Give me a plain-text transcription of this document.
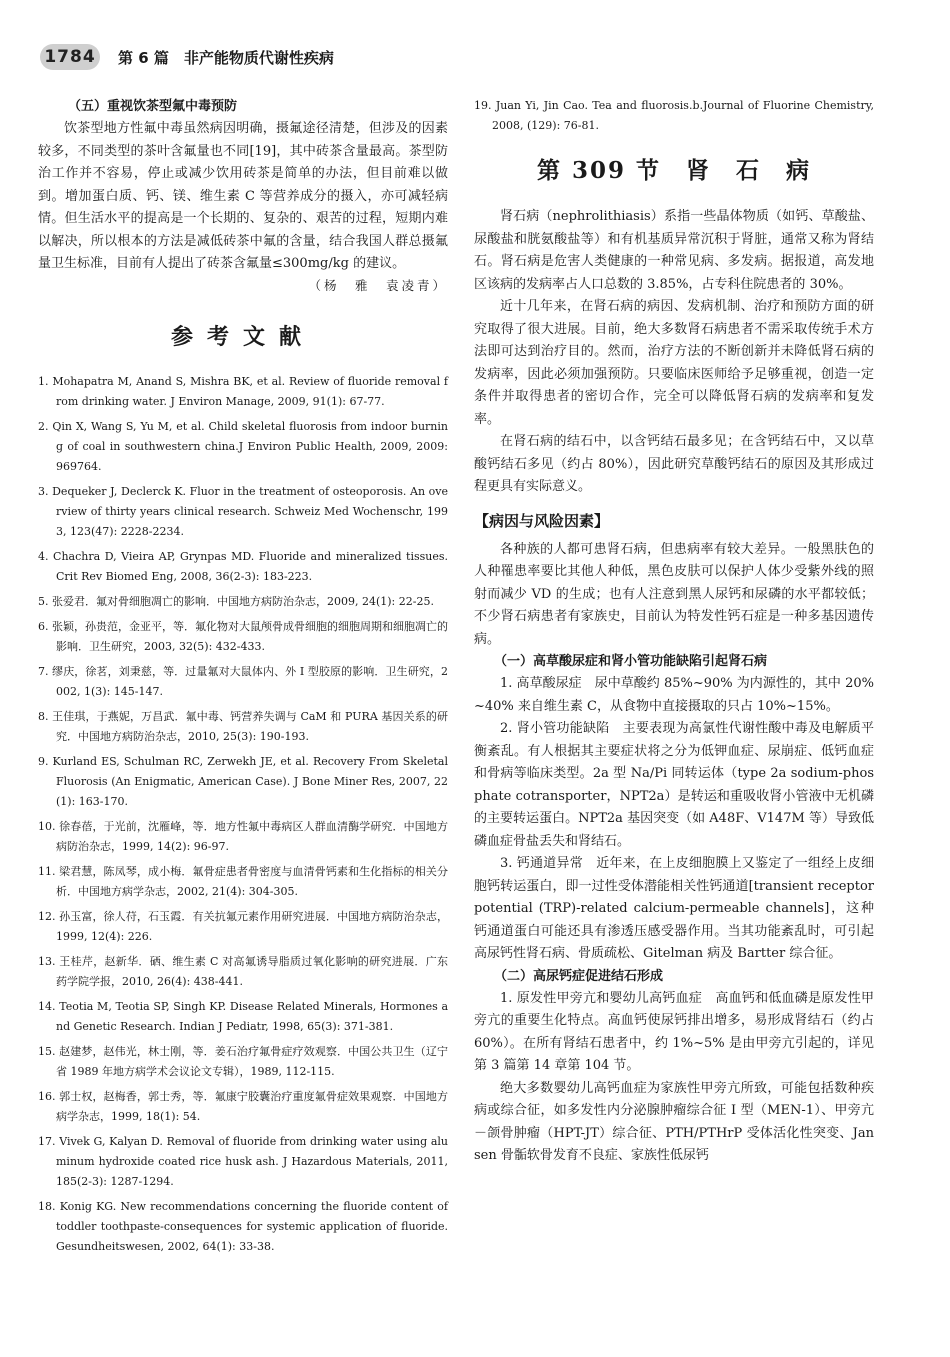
1784 第 6 篇　非产能物质代谢性疾病

（五）重视饮茶型氟中毒预防

饮茶型地方性氟中毒虽然病因明确，摄氟途径清楚，但涉及的因素较多，不同类型的茶叶含氟量也不同[19]，其中砖茶含量最高。茶型防治工作并不容易，停止或减少饮用砖茶是简单的办法，但目前难以做到。增加蛋白质、钙、镁、维生素 C 等营养成分的摄入，亦可减轻病情。但生活水平的提高是一个长期的、复杂的、艰苦的过程，短期内难以解决，所以根本的方法是减低砖茶中氟的含量，结合我国人群总摄氟量卫生标准，目前有人提出了砖茶含氟量≤300mg/kg 的建议。

（杨　雅　袁凌青）

参考文献

1. Mohapatra M, Anand S, Mishra BK, et al. Review of fluoride removal from drinking water. J Environ Manage, 2009, 91(1): 67-77.

2. Qin X, Wang S, Yu M, et al. Child skeletal fluorosis from indoor burning of coal in southwestern china.J Environ Public Health, 2009, 2009: 969764.

3. Dequeker J, Declerck K. Fluor in the treatment of osteoporosis. An overview of thirty years clinical research. Schweiz Med Wochenschr, 1993, 123(47): 2228-2234.

4. Chachra D, Vieira AP, Grynpas MD. Fluoride and mineralized tissues. Crit Rev Biomed Eng, 2008, 36(2-3): 183-223.

5. 张爱君．氟对骨细胞凋亡的影响．中国地方病防治杂志，2009, 24(1): 22-25.

6. 张颖，孙贵范，金亚平，等．氟化物对大鼠颅骨成骨细胞的细胞周期和细胞凋亡的影响．卫生研究，2003, 32(5): 432-433.

7. 缪庆，徐茗，刘秉慈，等．过量氟对大鼠体内、外 I 型胶原的影响．卫生研究，2002, 1(3): 145-147.

8. 王佳琪，于燕妮，万昌武．氟中毒、钙营养失调与 CaM 和 PURA 基因关系的研究．中国地方病防治杂志，2010, 25(3): 190-193.

9. Kurland ES, Schulman RC, Zerwekh JE, et al. Recovery From Skeletal Fluorosis (An Enigmatic, American Case). J Bone Miner Res, 2007, 22(1): 163-170.

10. 徐春蓓，于光前，沈雁峰，等．地方性氟中毒病区人群血清酶学研究．中国地方病防治杂志，1999, 14(2): 96-97.

11. 梁君慧，陈凤琴，成小梅．氟骨症患者骨密度与血清骨钙素和生化指标的相关分析．中国地方病学杂志，2002, 21(4): 304-305.

12. 孙玉富，徐人苻，石玉霞．有关抗氟元素作用研究进展．中国地方病防治杂志，1999, 12(4): 226.

13. 王桂芹，赵新华．硒、维生素 C 对高氟诱导脂质过氧化影响的研究进展．广东药学院学报，2010, 26(4): 438-441.

14. Teotia M, Teotia SP, Singh KP. Disease Related Minerals, Hormones and Genetic Research. Indian J Pediatr, 1998, 65(3): 371-381.

15. 赵建梦，赵伟光，林士刚，等．姜石治疗氟骨症疗效观察．中国公共卫生（辽宁省 1989 年地方病学术会议论文专辑），1989, 112-115.

16. 郭士权，赵梅香，郭士秀，等．氟康宁胶囊治疗重度氟骨症效果观察．中国地方病学杂志，1999, 18(1): 54.

17. Vivek G, Kalyan D. Removal of fluoride from drinking water using aluminum hydroxide coated rice husk ash. J Hazardous Materials, 2011, 185(2-3): 1287-1294.

18. Konig KG. New recommendations concerning the fluoride content of toddler toothpaste-consequences for systemic application of fluoride. Gesundheitswesen, 2002, 64(1): 33-38.

19. Juan Yi, Jin Cao. Tea and fluorosis.b.Journal of Fluorine Chemistry, 2008, (129): 76-81.

第 309 节　肾　石　病

肾石病（nephrolithiasis）系指一些晶体物质（如钙、草酸盐、尿酸盐和胱氨酸盐等）和有机基质异常沉积于肾脏，通常又称为肾结石。肾石病是危害人类健康的一种常见病、多发病。据报道，高发地区该病的发病率占人口总数的 3.85%，占专科住院患者的 30%。

近十几年来，在肾石病的病因、发病机制、治疗和预防方面的研究取得了很大进展。目前，绝大多数肾石病患者不需采取传统手术方法即可达到治疗目的。然而，治疗方法的不断创新并未降低肾石病的发病率，因此必须加强预防。只要临床医师给予足够重视，创造一定条件并取得患者的密切合作，完全可以降低肾石病的发病率和复发率。

在肾石病的结石中，以含钙结石最多见；在含钙结石中，又以草酸钙结石多见（约占 80%），因此研究草酸钙结石的原因及其形成过程更具有实际意义。

【病因与风险因素】

各种族的人都可患肾石病，但患病率有较大差异。一般黑肤色的人种罹患率要比其他人种低，黑色皮肤可以保护人体少受紫外线的照射而减少 VD 的生成；也有人注意到黑人尿钙和尿磷的水平都较低；不少肾石病患者有家族史，目前认为特发性钙石症是一种多基因遗传病。

（一）高草酸尿症和肾小管功能缺陷引起肾石病

1. 高草酸尿症　尿中草酸约 85%~90% 为内源性的，其中 20%~40% 来自维生素 C，从食物中直接摄取的只占 10%~15%。

2. 肾小管功能缺陷　主要表现为高氯性代谢性酸中毒及电解质平衡紊乱。有人根据其主要症状将之分为低钾血症、尿崩症、低钙血症和骨病等临床类型。2a 型 Na/Pi 同转运体（type 2a sodium-phosphate cotransporter，NPT2a）是转运和重吸收肾小管液中无机磷的主要转运蛋白。NPT2a 基因突变（如 A48F、V147M 等）导致低磷血症骨盐丢失和肾结石。

3. 钙通道异常　近年来，在上皮细胞膜上又鉴定了一组经上皮细胞钙转运蛋白，即一过性受体潜能相关性钙通道[transient receptor potential (TRP)-related calcium-permeable channels]，这种钙通道蛋白可能还具有渗透压感受器作用。当其功能紊乱时，可引起高尿钙性肾石病、骨质疏松、Gitelman 病及 Bartter 综合征。

（二）高尿钙症促进结石形成

1. 原发性甲旁亢和婴幼儿高钙血症　高血钙和低血磷是原发性甲旁亢的重要生化特点。高血钙使尿钙排出增多，易形成肾结石（约占 60%）。在所有肾结石患者中，约 1%~5% 是由甲旁亢引起的，详见第 3 篇第 14 章第 104 节。

绝大多数婴幼儿高钙血症为家族性甲旁亢所致，可能包括数种疾病或综合征，如多发性内分泌腺肿瘤综合征 I 型（MEN-1）、甲旁亢－颌骨肿瘤（HPT-JT）综合征、PTH/PTHrP 受体活化性突变、Jansen 骨骺软骨发育不良症、家族性低尿钙
